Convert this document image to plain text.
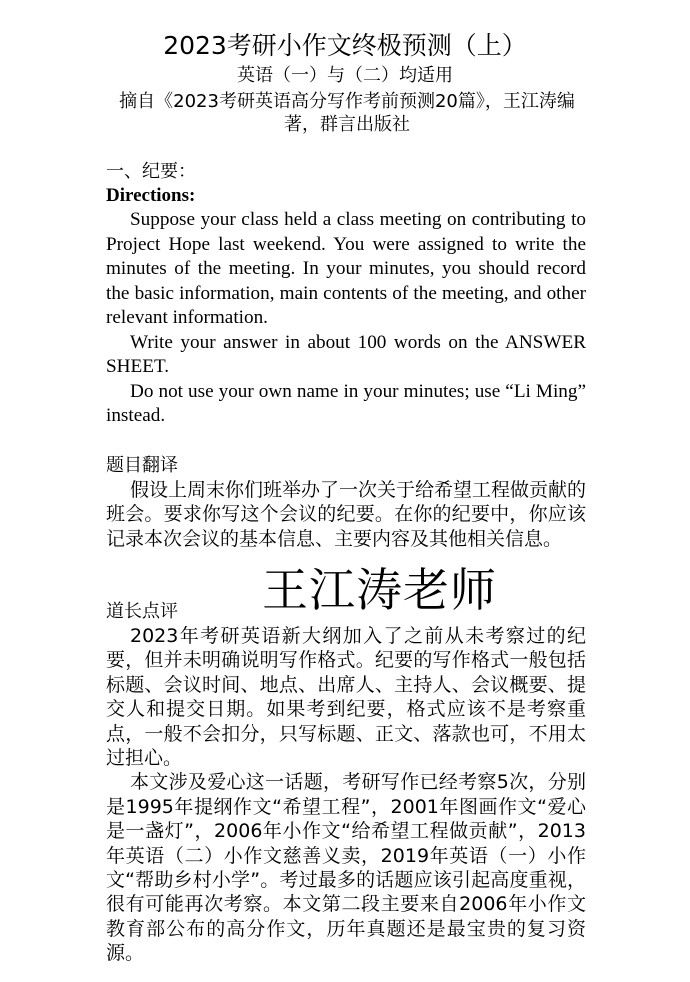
2023考研小作文终极预测（上）
英语（一）与（二）均适用
摘自《2023考研英语高分写作考前预测20篇》，王江涛编著，群言出版社
一、纪要：
Directions:

Suppose your class held a class meeting on contributing to Project Hope last weekend. You were assigned to write the minutes of the meeting. In your minutes, you should record the basic information, main contents of the meeting, and other relevant information.

Write your answer in about 100 words on the ANSWER SHEET.

Do not use your own name in your minutes; use “Li Ming” instead.

题目翻译

假设上周末你们班举办了一次关于给希望工程做贡献的班会。要求你写这个会议的纪要。在你的纪要中，你应该记录本次会议的基本信息、主要内容及其他相关信息。

王江涛老师
道长点评

2023年考研英语新大纲加入了之前从未考察过的纪要，但并未明确说明写作格式。纪要的写作格式一般包括标题、会议时间、地点、出席人、主持人、会议概要、提交人和提交日期。如果考到纪要，格式应该不是考察重点，一般不会扣分，只写标题、正文、落款也可，不用太过担心。

本文涉及爱心这一话题，考研写作已经考察5次，分别是1995年提纲作文“希望工程”，2001年图画作文“爱心是一盏灯”，2006年小作文“给希望工程做贡献”，2013年英语（二）小作文慈善义卖，2019年英语（一）小作文“帮助乡村小学”。考过最多的话题应该引起高度重视，很有可能再次考察。本文第二段主要来自2006年小作文教育部公布的高分作文，历年真题还是最宝贵的复习资源。
